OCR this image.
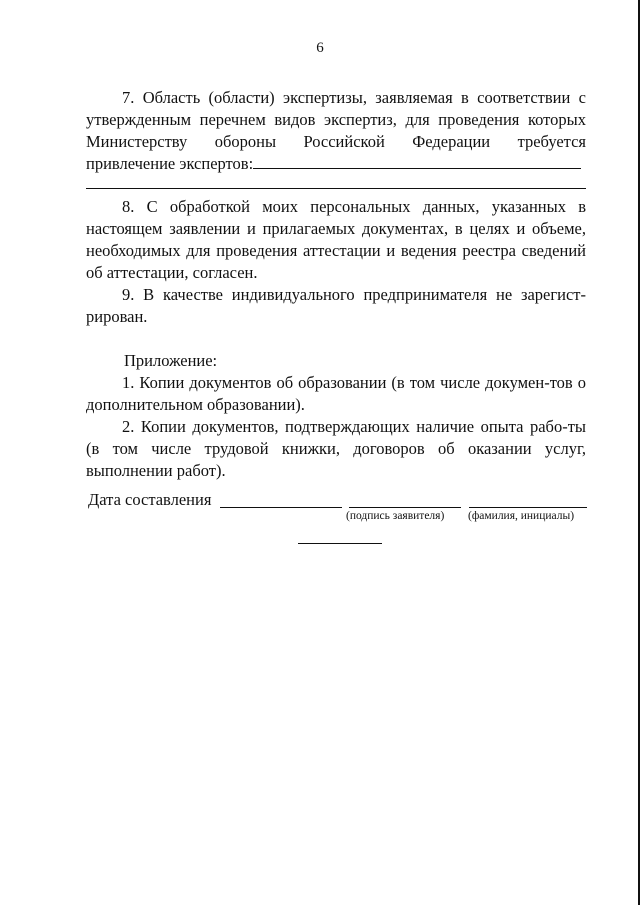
6

7. Область (области) экспертизы, заявляемая в соответствии с утвержденным перечнем видов экспертиз, для проведения которых Министерству обороны Российской Федерации требуется привлечение экспертов:

8. С обработкой моих персональных данных, указанных в настоящем заявлении и прилагаемых документах, в целях и объеме, необходимых для проведения аттестации и ведения реестра сведений об аттестации, согласен.

9. В качестве индивидуального предпринимателя не зарегист-рирован.

Приложение:

1. Копии документов об образовании (в том числе докумен-тов о дополнительном образовании).

2. Копии документов, подтверждающих наличие опыта рабо-ты (в том числе трудовой книжки, договоров об оказании услуг, выполнении работ).

Дата составления
(подпись заявителя) (фамилия, инициалы)
